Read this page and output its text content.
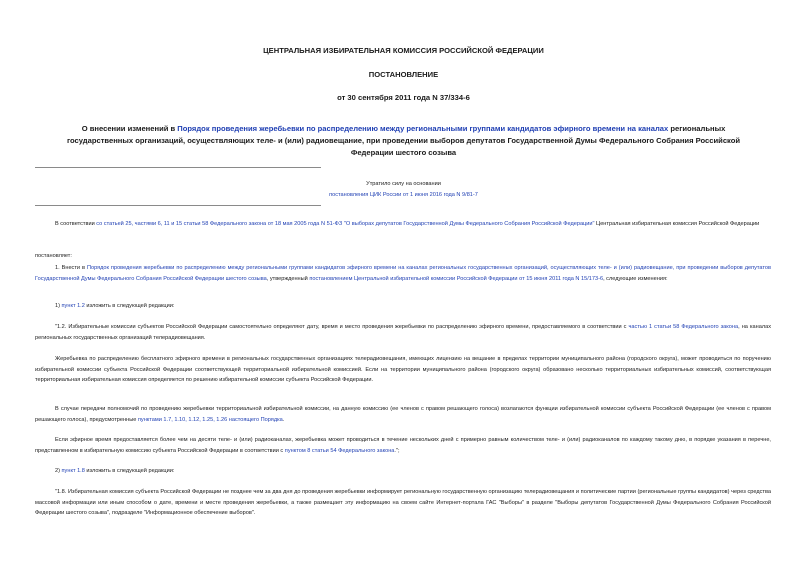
ЦЕНТРАЛЬНАЯ ИЗБИРАТЕЛЬНАЯ КОМИССИЯ РОССИЙСКОЙ ФЕДЕРАЦИИ
ПОСТАНОВЛЕНИЕ
от 30 сентября 2011 года N 37/334-6
О внесении изменений в Порядок проведения жеребьевки по распределению между региональными группами кандидатов эфирного времени на каналах региональных государственных организаций, осуществляющих теле- и (или) радиовещание, при проведении выборов депутатов Государственной Думы Федерального Собрания Российской Федерации шестого созыва
Утратило силу на основании
постановления ЦИК России от 1 июня 2016 года N 9/81-7

В соответствии со статьей 25, частями 6, 11 и 15 статьи 58 Федерального закона от 18 мая 2005 года N 51-ФЗ "О выборах депутатов Государственной Думы Федерального Собрания Российской Федерации" Центральная избирательная комиссия Российской Федерации

постановляет:

1. Внести в Порядок проведения жеребьевки по распределению между региональными группами кандидатов эфирного времени на каналах региональных государственных организаций, осуществляющих теле- и (или) радиовещание, при проведении выборов депутатов Государственной Думы Федерального Собрания Российской Федерации шестого созыва, утвержденный постановлением Центральной избирательной комиссии Российской Федерации от 15 июня 2011 года N 15/173-6, следующие изменения:

1) пункт 1.2 изложить в следующей редакции:

"1.2. Избирательные комиссии субъектов Российской Федерации самостоятельно определяют дату, время и место проведения жеребьевки по распределению эфирного времени, предоставляемого в соответствии с частью 1 статьи 58 Федерального закона, на каналах региональных государственных организаций телерадиовещания.

Жеребьевка по распределению бесплатного эфирного времени в региональных государственных организациях телерадиовещания, имеющих лицензию на вещание в пределах территории муниципального района (городского округа), может проводиться по поручению избирательной комиссии субъекта Российской Федерации соответствующей территориальной избирательной комиссией. Если на территории муниципального района (городского округа) образовано несколько территориальных избирательных комиссий, соответствующая территориальная избирательная комиссия определяется по решению избирательной комиссии субъекта Российской Федерации.

В случае передачи полномочий по проведению жеребьевки территориальной избирательной комиссии, на данную комиссию (ее членов с правом решающего голоса) возлагаются функции избирательной комиссии субъекта Российской Федерации (ее членов с правом решающего голоса), предусмотренные пунктами 1.7, 1.10, 1.12, 1.25, 1.26 настоящего Порядка.

Если эфирное время предоставляется более чем на десяти теле- и (или) радиоканалах, жеребьевка может проводиться в течение нескольких дней с примерно равным количеством теле- и (или) радиоканалов по каждому такому дню, в порядке указания в перечне, представленном в избирательную комиссию субъекта Российской Федерации в соответствии с пунктом 8 статьи 54 Федерального закона.";

2) пункт 1.8 изложить в следующей редакции:

"1.8. Избирательная комиссия субъекта Российской Федерации не позднее чем за два дня до проведения жеребьевки информирует региональную государственную организацию телерадиовещания и политические партии (региональные группы кандидатов) через средства массовой информации или иным способом о дате, времени и месте проведения жеребьевки, а также размещает эту информацию на своем сайте Интернет-портала ГАС "Выборы" в разделе "Выборы депутатов Государственной Думы Федерального Собрания Российской Федерации шестого созыва", подразделе "Информационное обеспечение выборов".
